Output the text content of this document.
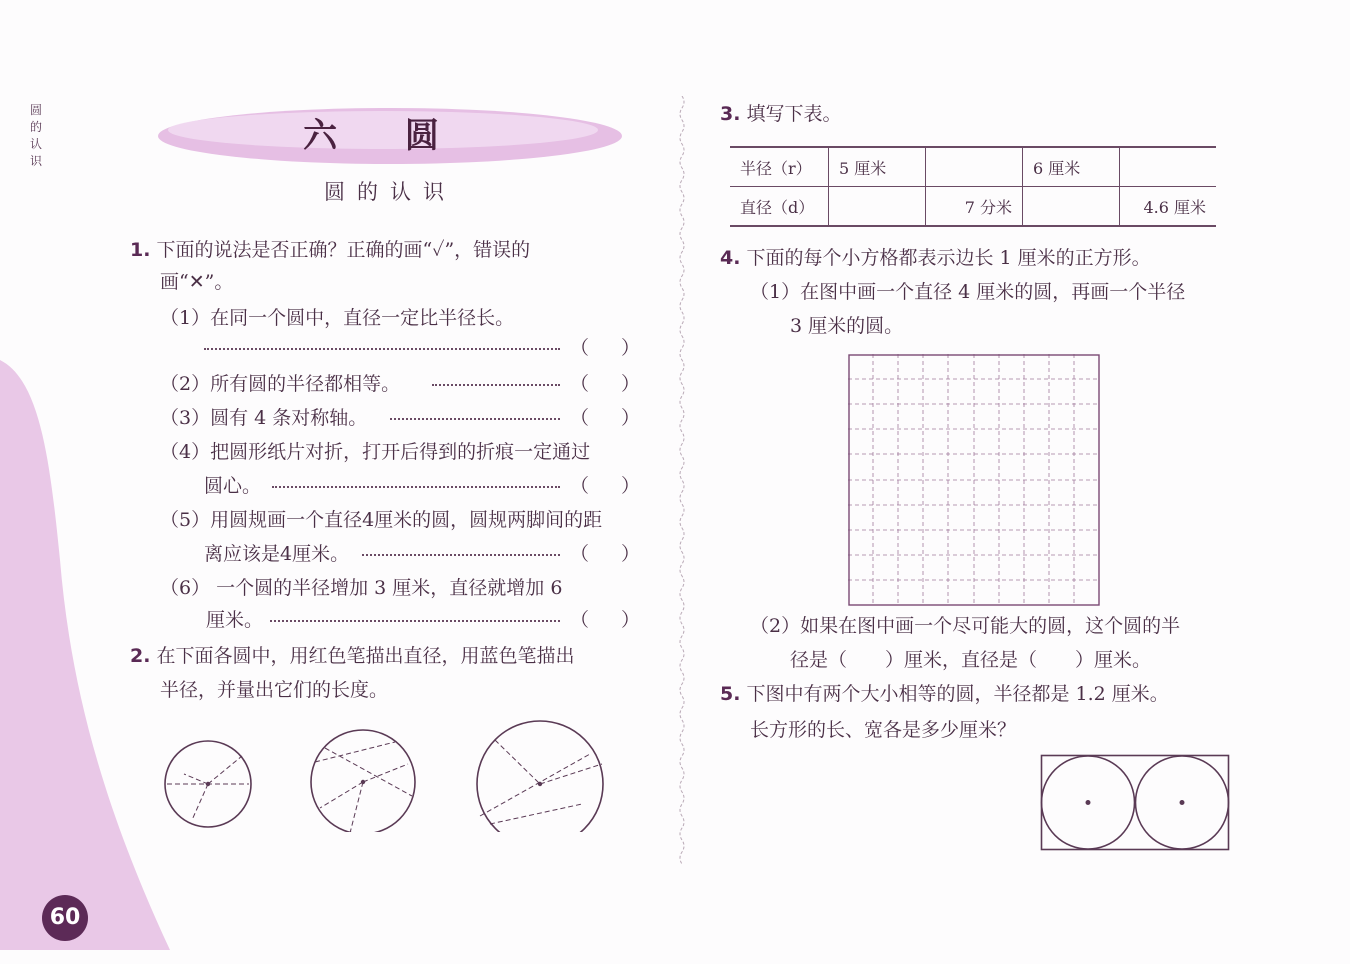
圆
的
认
识
60
六 圆
圆的认识
1. 下面的说法是否正确？正确的画“✓”，错误的
画“✕”。
（1）在同一个圆中，直径一定比半径长。
（ ）
（2）所有圆的半径都相等。	（ ）
（3）圆有 4 条对称轴。	（ ）
（4）把圆形纸片对折，打开后得到的折痕一定通过
圆心。	（ ）
（5）用圆规画一个直径4厘米的圆，圆规两脚间的距
离应该是4厘米。	（ ）
（6） 一个圆的半径增加 3 厘米，直径就增加 6
厘米。	（ ）
2. 在下面各圆中，用红色笔描出直径，用蓝色笔描出
半径，并量出它们的长度。
3. 填写下表。
半径（r）	5 厘米		6 厘米	
直径（d）		7 分米		4.6 厘米
4. 下面的每个小方格都表示边长 1 厘米的正方形。
（1）在图中画一个直径 4 厘米的圆，再画一个半径
3 厘米的圆。
（2）如果在图中画一个尽可能大的圆，这个圆的半
径是（　　）厘米，直径是（　　）厘米。
5. 下图中有两个大小相等的圆，半径都是 1.2 厘米。
长方形的长、宽各是多少厘米？
